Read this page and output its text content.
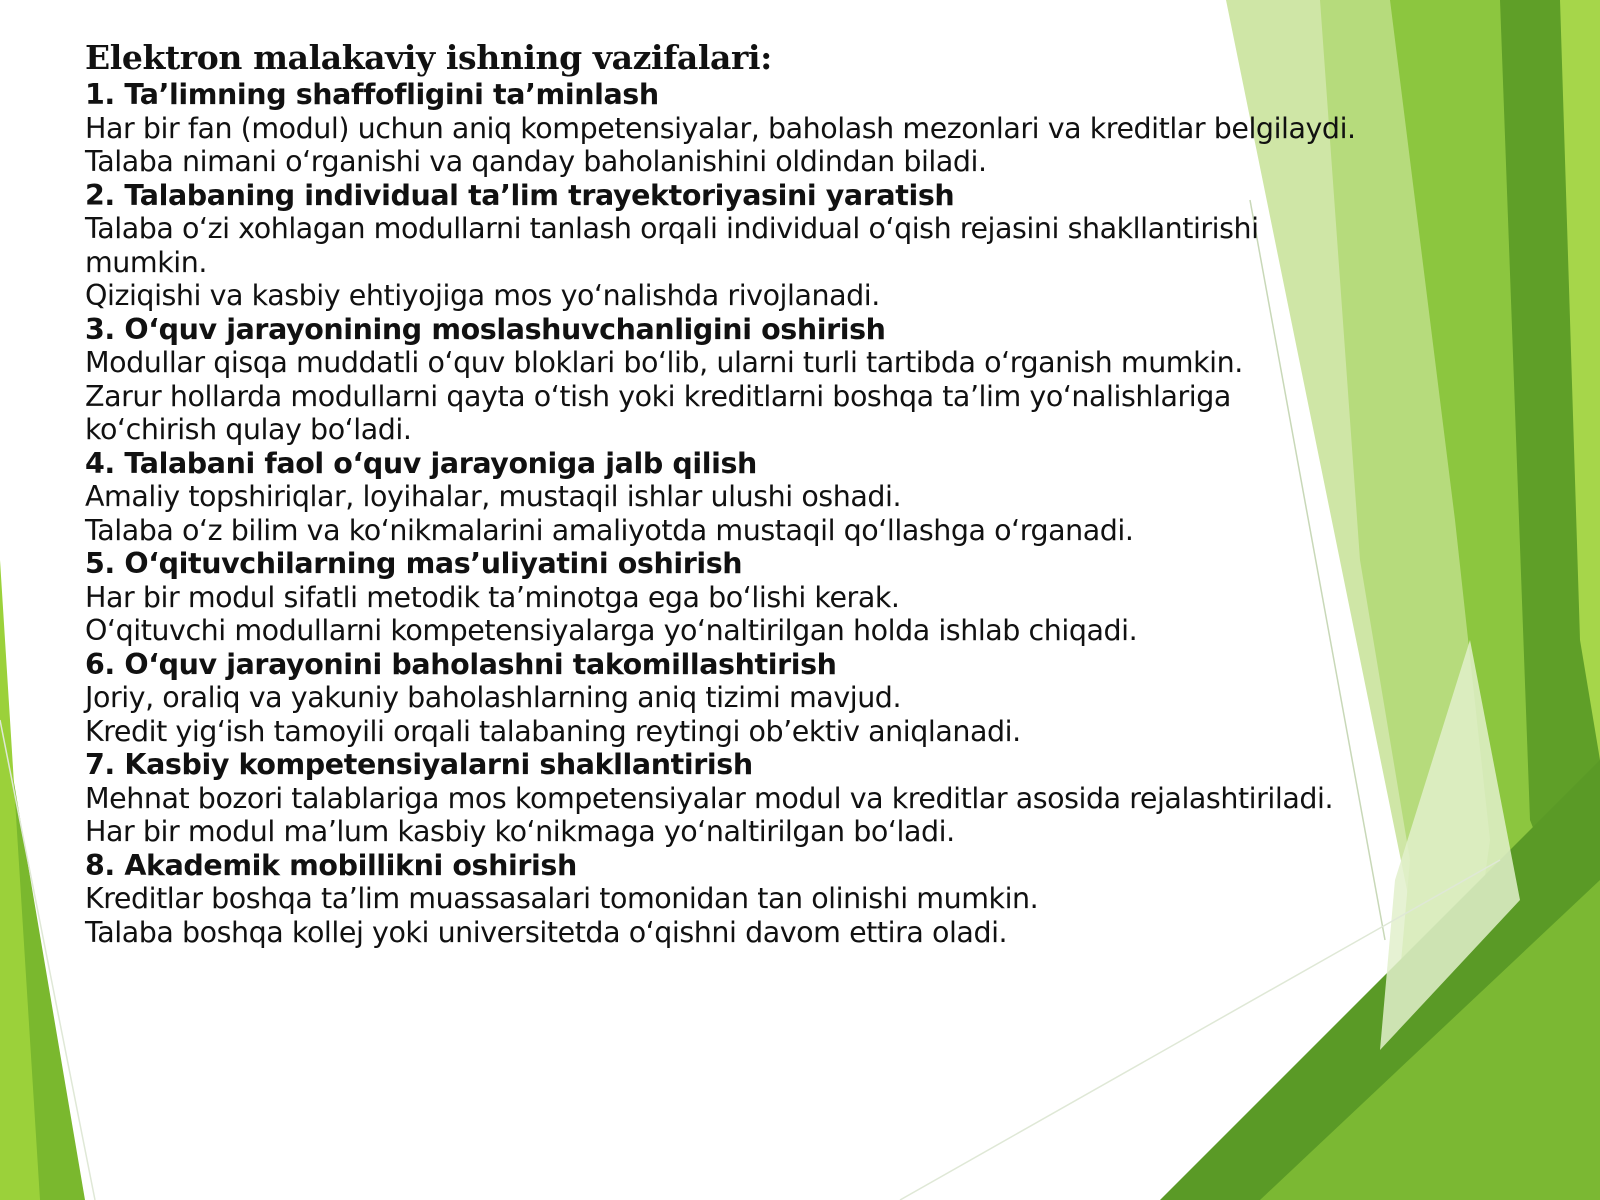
Elektron malakaviy ishning vazifalari:
1. Ta’limning shaffofligini ta’minlash
Har bir fan (modul) uchun aniq kompetensiyalar, baholash mezonlari va kreditlar belgilaydi.
Talaba nimani o‘rganishi va qanday baholanishini oldindan biladi.
2. Talabaning individual ta’lim trayektoriyasini yaratish
Talaba o‘zi xohlagan modullarni tanlash orqali individual o‘qish rejasini shakllantirishi mumkin.
Qiziqishi va kasbiy ehtiyojiga mos yo‘nalishda rivojlanadi.
3. O‘quv jarayonining moslashuvchanligini oshirish
Modullar qisqa muddatli o‘quv bloklari bo‘lib, ularni turli tartibda o‘rganish mumkin.
Zarur hollarda modullarni qayta o‘tish yoki kreditlarni boshqa ta’lim yo‘nalishlariga ko‘chirish qulay bo‘ladi.
4. Talabani faol o‘quv jarayoniga jalb qilish
Amaliy topshiriqlar, loyihalar, mustaqil ishlar ulushi oshadi.
Talaba o‘z bilim va ko‘nikmalarini amaliyotda mustaqil qo‘llashga o‘rganadi.
5. O‘qituvchilarning mas’uliyatini oshirish
Har bir modul sifatli metodik ta’minotga ega bo‘lishi kerak.
O‘qituvchi modullarni kompetensiyalarga yo‘naltirilgan holda ishlab chiqadi.
6. O‘quv jarayonini baholashni takomillashtirish
Joriy, oraliq va yakuniy baholashlarning aniq tizimi mavjud.
Kredit yig‘ish tamoyili orqali talabaning reytingi ob’ektiv aniqlanadi.
7. Kasbiy kompetensiyalarni shakllantirish
Mehnat bozori talablariga mos kompetensiyalar modul va kreditlar asosida rejalashtiriladi.
Har bir modul ma’lum kasbiy ko‘nikmaga yo‘naltirilgan bo‘ladi.
8. Akademik mobillikni oshirish
Kreditlar boshqa ta’lim muassasalari tomonidan tan olinishi mumkin.
Talaba boshqa kollej yoki universitetda o‘qishni davom ettira oladi.
